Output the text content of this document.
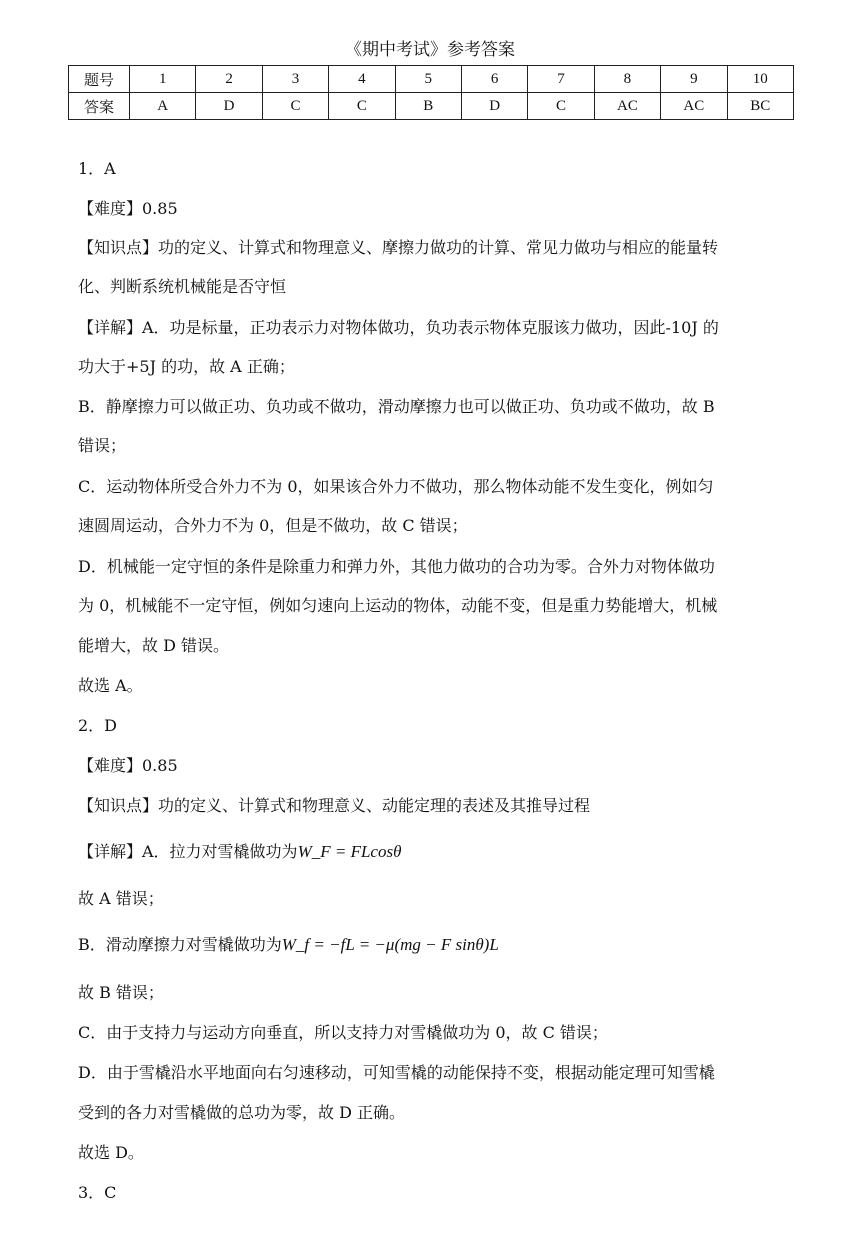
《期中考试》参考答案
题号	1	2	3	4	5	6	7	8	9	10
答案	A	D	C	C	B	D	C	AC	AC	BC
1．A
【难度】0.85
【知识点】功的定义、计算式和物理意义、摩擦力做功的计算、常见力做功与相应的能量转
化、判断系统机械能是否守恒
【详解】A．功是标量，正功表示力对物体做功，负功表示物体克服该力做功，因此-10J 的
功大于+5J 的功，故 A 正确；
B．静摩擦力可以做正功、负功或不做功，滑动摩擦力也可以做正功、负功或不做功，故 B
错误；
C．运动物体所受合外力不为 0，如果该合外力不做功，那么物体动能不发生变化，例如匀
速圆周运动，合外力不为 0，但是不做功，故 C 错误；
D．机械能一定守恒的条件是除重力和弹力外，其他力做功的合功为零。合外力对物体做功
为 0，机械能不一定守恒，例如匀速向上运动的物体，动能不变，但是重力势能增大，机械
能增大，故 D 错误。
故选 A。
2．D
【难度】0.85
【知识点】功的定义、计算式和物理意义、动能定理的表述及其推导过程
【详解】A．拉力对雪橇做功为W_F = FLcosθ
故 A 错误；
B．滑动摩擦力对雪橇做功为W_f = −fL = −μ(mg − F sinθ)L
故 B 错误；
C．由于支持力与运动方向垂直，所以支持力对雪橇做功为 0，故 C 错误；
D．由于雪橇沿水平地面向右匀速移动，可知雪橇的动能保持不变，根据动能定理可知雪橇
受到的各力对雪橇做的总功为零，故 D 正确。
故选 D。
3．C
